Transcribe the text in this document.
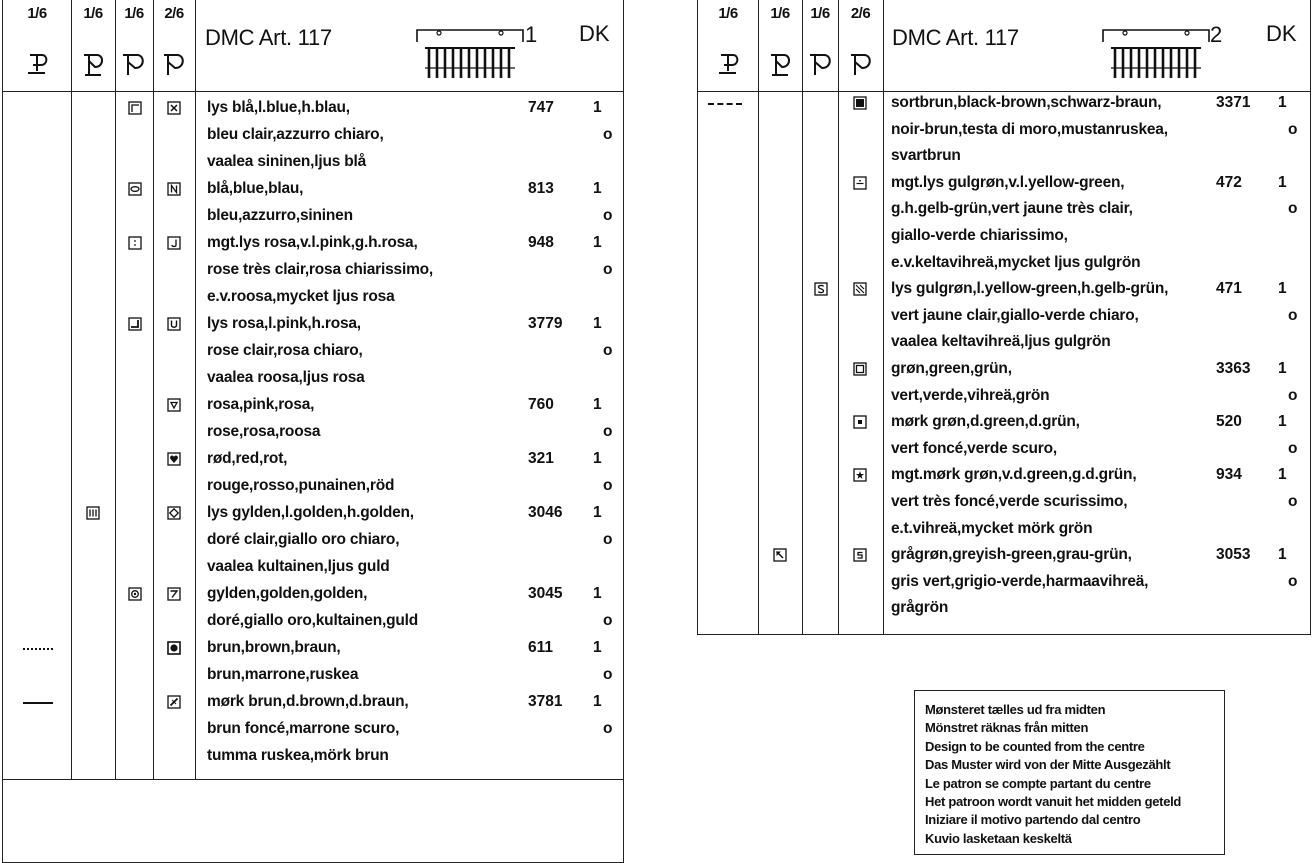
1/6	1/6	1/6	2/6
DMC Art. 117	1 DK
lys blå,l.blue,h.blau,
bleu clair,azzurro chiaro,
vaalea sininen,ljus blå
747	1
o
blå,blue,blau,
bleu,azzurro,sininen
813	1
o
mgt.lys rosa,v.l.pink,g.h.rosa,
rose très clair,rosa chiarissimo,
e.v.roosa,mycket ljus rosa
948	1
o
lys rosa,l.pink,h.rosa,
rose clair,rosa chiaro,
vaalea roosa,ljus rosa
3779 1
o
rosa,pink,rosa,
rose,rosa,roosa
760	1
o
rød,red,rot,
rouge,rosso,punainen,röd
321	1
o
lys gylden,l.golden,h.golden,
doré clair,giallo oro chiaro,
vaalea kultainen,ljus guld
3046 1
o
gylden,golden,golden,
doré,giallo oro,kultainen,guld
3045 1
o
brun,brown,braun,
brun,marrone,ruskea
611	1
o
mørk brun,d.brown,d.braun,
brun foncé,marrone scuro,
tumma ruskea,mörk brun
3781 1
o
1/6	1/6	1/6	2/6
DMC Art. 117	2 DK
sortbrun,black-brown,schwarz-braun,
noir-brun,testa di moro,mustanruskea,
svartbrun
3371 1
o
mgt.lys gulgrøn,v.l.yellow-green,
g.h.gelb-grün,vert jaune très clair,
giallo-verde chiarissimo,
e.v.keltavihreä,mycket ljus gulgrön
472 1
o
lys gulgrøn,l.yellow-green,h.gelb-grün,
vert jaune clair,giallo-verde chiaro,
vaalea keltavihreä,ljus gulgrön
471 1
o
grøn,green,grün,
vert,verde,vihreä,grön
3363 1
o
mørk grøn,d.green,d.grün,
vert foncé,verde scuro,
520 1
o
mgt.mørk grøn,v.d.green,g.d.grün,
vert très foncé,verde scurissimo,
e.t.vihreä,mycket mörk grön
934 1
o
grågrøn,greyish-green,grau-grün,
gris vert,grigio-verde,harmaavihreä,
grågrön
3053 1
o
Mønsteret tælles ud fra midten
Mönstret räknas från mitten
Design to be counted from the centre
Das Muster wird von der Mitte Ausgezählt
Le patron se compte partant du centre
Het patroon wordt vanuit het midden geteld
Iniziare il motivo partendo dal centro
Kuvio lasketaan keskeltä
